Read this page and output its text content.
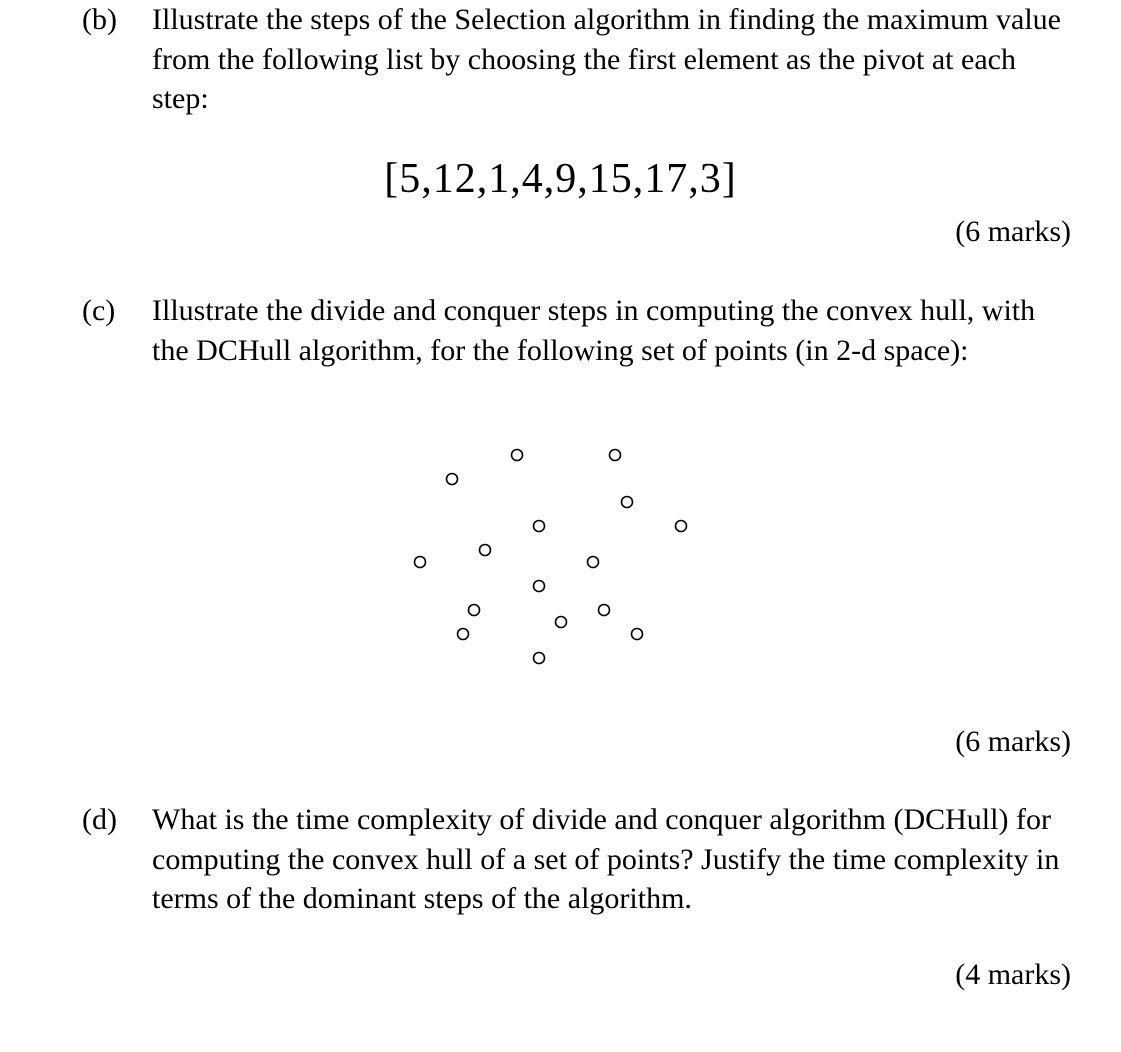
(b) Illustrate the steps of the Selection algorithm in finding the maximum value from the following list by choosing the first element as the pivot at each step:
[5,12,1,4,9,15,17,3]
(6 marks)
(c) Illustrate the divide and conquer steps in computing the convex hull, with the DCHull algorithm, for the following set of points (in 2-d space):
(6 marks)
(d) What is the time complexity of divide and conquer algorithm (DCHull) for computing the convex hull of a set of points? Justify the time complexity in terms of the dominant steps of the algorithm.
(4 marks)
